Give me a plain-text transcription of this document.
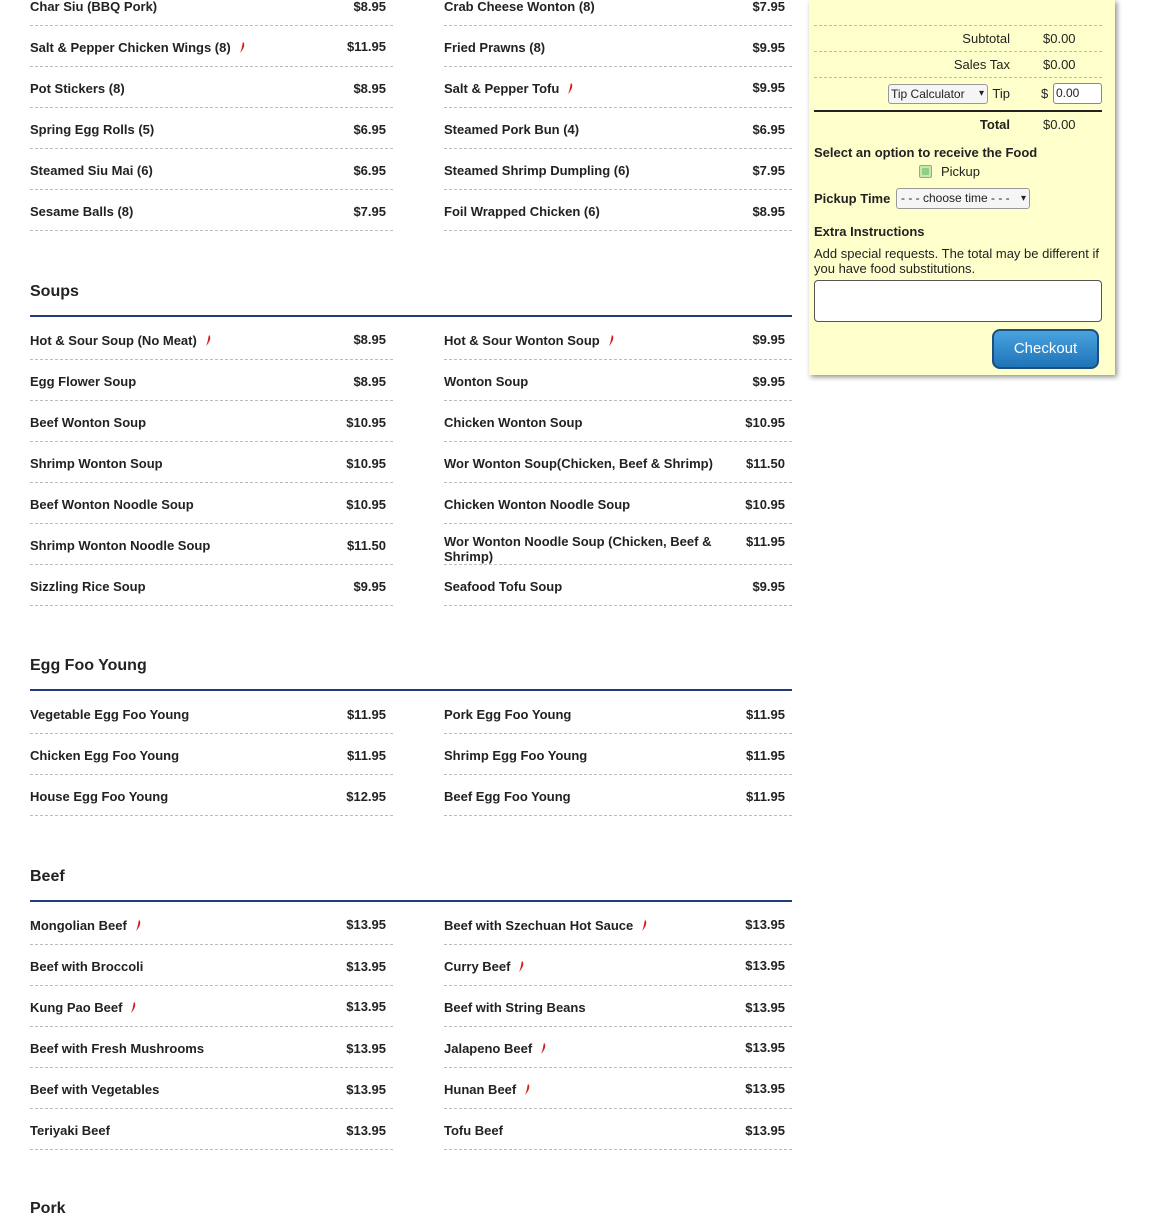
Char Siu (BBQ Pork)	$8.95
Salt & Pepper Chicken Wings (8)	$11.95
Pot Stickers (8)	$8.95
Spring Egg Rolls (5)	$6.95
Steamed Siu Mai (6)	$6.95
Sesame Balls (8)	$7.95
Crab Cheese Wonton (8)	$7.95
Fried Prawns (8)	$9.95
Salt & Pepper Tofu	$9.95
Steamed Pork Bun (4)	$6.95
Steamed Shrimp Dumpling (6)	$7.95
Foil Wrapped Chicken (6)	$8.95
Soups
Hot & Sour Soup (No Meat)	$8.95
Egg Flower Soup	$8.95
Beef Wonton Soup	$10.95
Shrimp Wonton Soup	$10.95
Beef Wonton Noodle Soup	$10.95
Shrimp Wonton Noodle Soup	$11.50
Sizzling Rice Soup	$9.95
Hot & Sour Wonton Soup	$9.95
Wonton Soup	$9.95
Chicken Wonton Soup	$10.95
Wor Wonton Soup(Chicken, Beef & Shrimp)	$11.50
Chicken Wonton Noodle Soup	$10.95
Wor Wonton Noodle Soup (Chicken, Beef & Shrimp)
$11.95
Seafood Tofu Soup	$9.95
Egg Foo Young
Vegetable Egg Foo Young	$11.95
Chicken Egg Foo Young	$11.95
House Egg Foo Young	$12.95
Pork Egg Foo Young	$11.95
Shrimp Egg Foo Young	$11.95
Beef Egg Foo Young	$11.95
Beef
Mongolian Beef	$13.95
Beef with Broccoli	$13.95
Kung Pao Beef	$13.95
Beef with Fresh Mushrooms	$13.95
Beef with Vegetables	$13.95
Teriyaki Beef	$13.95
Beef with Szechuan Hot Sauce	$13.95
Curry Beef	$13.95
Beef with String Beans	$13.95
Jalapeno Beef	$13.95
Hunan Beef	$13.95
Tofu Beef	$13.95
Pork
Subtotal	$0.00
Sales Tax	$0.00
Tip Calculator ▾ Tip $ 0.00
Total	$0.00
Select an option to receive the Food
Pickup
Pickup Time - - - choose time - - - ▾
Extra Instructions
Add special requests. The total may be different if you have food substitutions.
Checkout
